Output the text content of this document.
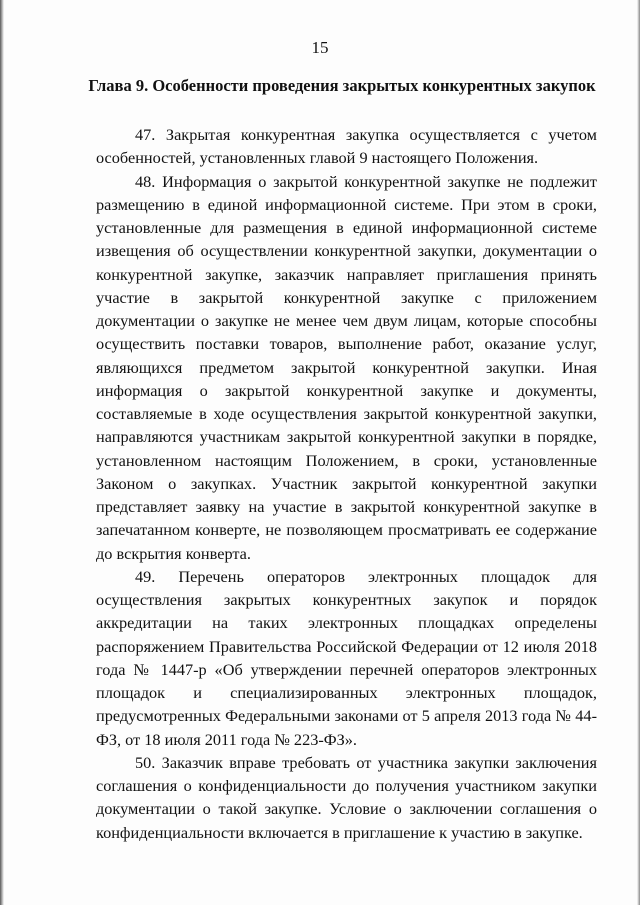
15
Глава 9. Особенности проведения закрытых конкурентных закупок

47. Закрытая конкурентная закупка осуществляется с учетом особенностей, установленных главой 9 настоящего Положения.

48. Информация о закрытой конкурентной закупке не подлежит размещению в единой информационной системе. При этом в сроки, установленные для размещения в единой информационной системе извещения об осуществлении конкурентной закупки, документации о конкурентной закупке, заказчик направляет приглашения принять участие в закрытой конкурентной закупке с приложением документации о закупке не менее чем двум лицам, которые способны осуществить поставки товаров, выполнение работ, оказание услуг, являющихся предметом закрытой конкурентной закупки. Иная информация о закрытой конкурентной закупке и документы, составляемые в ходе осуществления закрытой конкурентной закупки, направляются участникам закрытой конкурентной закупки в порядке, установленном настоящим Положением, в сроки, установленные Законом о закупках. Участник закрытой конкурентной закупки представляет заявку на участие в закрытой конкурентной закупке в запечатанном конверте, не позволяющем просматривать ее содержание до вскрытия конверта.

49. Перечень операторов электронных площадок для осуществления закрытых конкурентных закупок и порядок аккредитации на таких электронных площадках определены распоряжением Правительства Российской Федерации от 12 июля 2018 года № 1447-р «Об утверждении перечней операторов электронных площадок и специализированных электронных площадок, предусмотренных Федеральными законами от 5 апреля 2013 года № 44-ФЗ, от 18 июля 2011 года № 223-ФЗ».

50. Заказчик вправе требовать от участника закупки заключения соглашения о конфиденциальности до получения участником закупки документации о такой закупке. Условие о заключении соглашения о конфиденциальности включается в приглашение к участию в закупке.
